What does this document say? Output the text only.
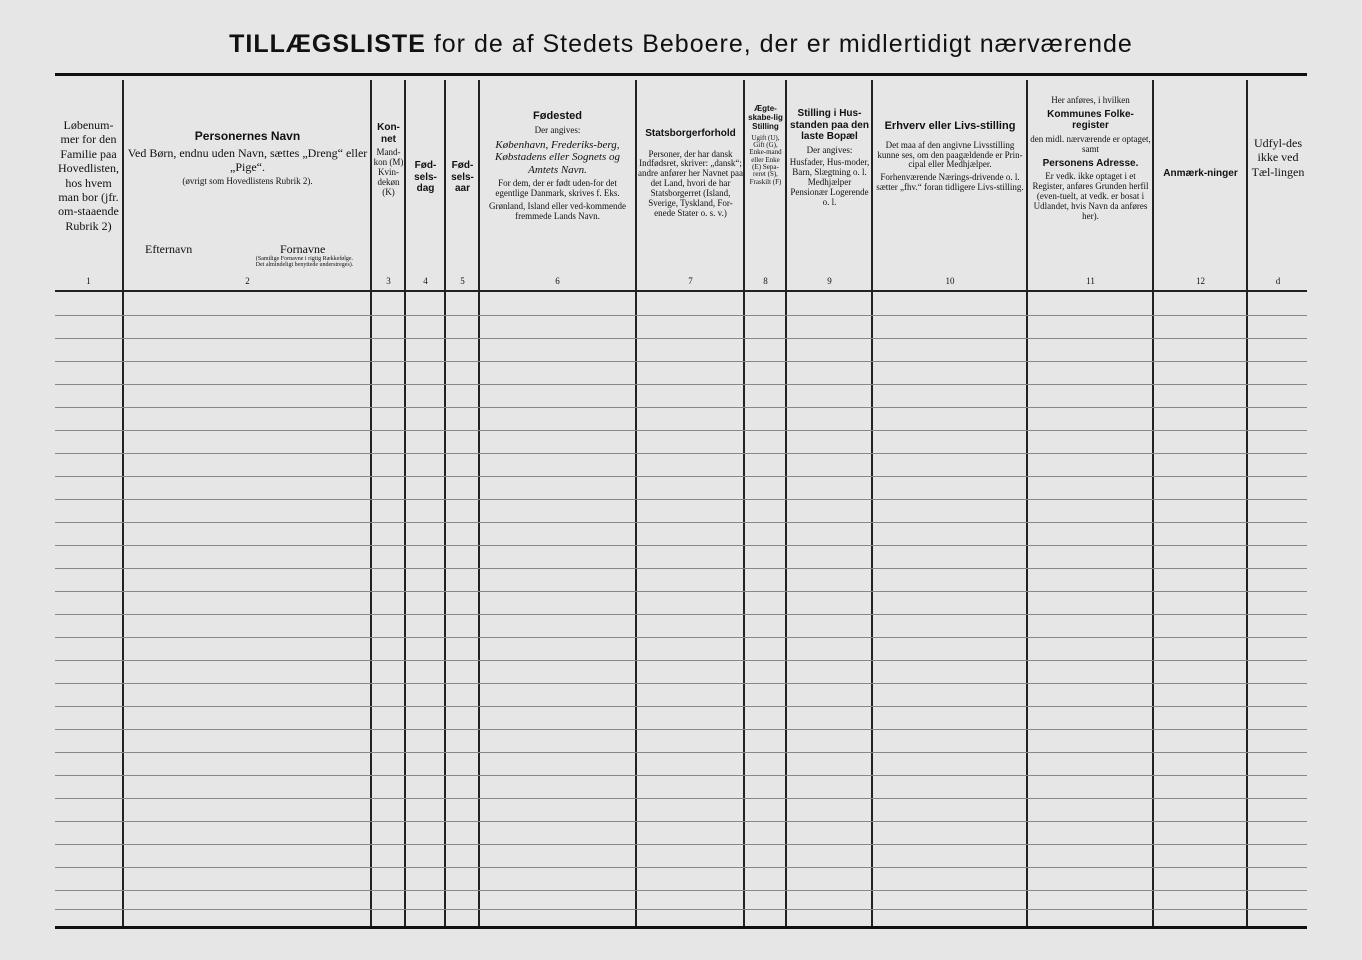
TILLÆGSLISTE for de af Stedets Beboere, der er midlertidigt nærværende
Løbenum-mer for den Familie paa Hovedlisten, hos hvem man bor (jfr. om-staaende Rubrik 2)
1
Personernes Navn
Ved Børn, endnu uden Navn, sættes „Dreng“ eller „Pige“.
(øvrigt som Hovedlistens Rubrik 2).
Efternavn	Fornavne
(Samtlige Fornavne i rigtig Rækkefølge. Det almindeligt benyttede understreges).
2
Kon-net
Mand-kon (M) Kvin-dekøn (K)
3
Fød-sels-dag
4
Fød-sels-aar
5
Fødested
Der angives:
København, Frederiks-berg, Købstadens eller Sognets og Amtets Navn.
For dem, der er født uden-for det egentlige Danmark, skrives f. Eks.
Grønland, Island eller ved-kommende fremmede Lands Navn.
6
Statsborgerforhold
Personer, der har dansk Indfødsret, skriver: „dansk“; andre anfører her Navnet paa det Land, hvori de har Statsborgerret (Island, Sverige, Tyskland, For-enede Stater o. s. v.)
7
Ægte-skabe-lig Stilling
Ugift (U), Gift (G), Enke-mand eller Enke (E) Sepa-reret (S), Fraskilt (F)
8
Stilling i Hus-standen paa den laste Bopæl
Der angives:
Husfader, Hus-moder, Barn, Slægtning o. l. Medhjælper Pensionær Logerende o. l.
9
Erhverv eller Livs-stilling
Det maa af den angivne Livsstilling kunne ses, om den paagældende er Prin-cipal eller Medhjælper.
Forhenværende Nærings-drivende o. l. sætter „fhv.“ foran tidligere Livs-stilling.
10
Her anføres, i hvilken
Kommunes Folke-register
den midl. nærværende er optaget, samt
Personens Adresse.
Er vedk. ikke optaget i et Register, anføres Grunden herfil (even-tuelt, at vedk. er bosat i Udlandet, hvis Navn da anføres her).
11
Anmærk-ninger
12
Udfyl-des ikke ved Tæl-lingen
d
